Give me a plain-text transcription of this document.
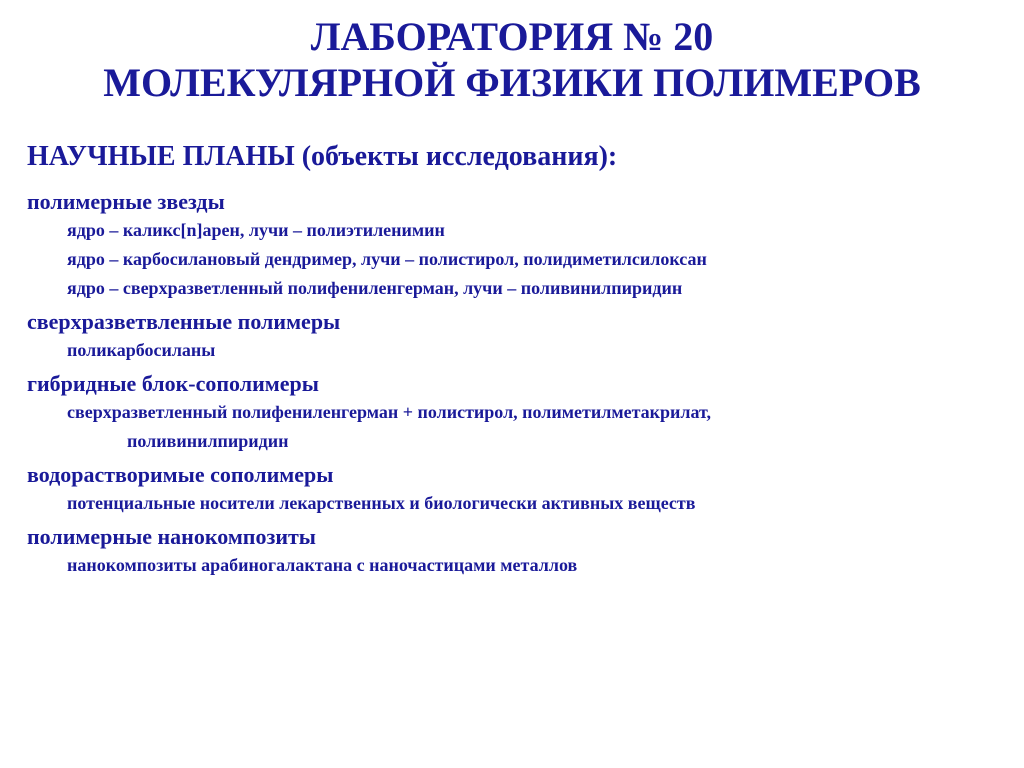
ЛАБОРАТОРИЯ № 20
МОЛЕКУЛЯРНОЙ ФИЗИКИ ПОЛИМЕРОВ
НАУЧНЫЕ ПЛАНЫ (объекты исследования):
полимерные звезды
ядро – каликс[n]арен, лучи – полиэтиленимин
ядро – карбосилановый дендример, лучи – полистирол, полидиметилсилоксан
ядро – сверхразветленный полифениленгерман, лучи – поливинилпиридин
сверхразветвленные полимеры
поликарбосиланы
гибридные блок-сополимеры
сверхразветленный полифениленгерман + полистирол, полиметилметакрилат,
поливинилпиридин
водорастворимые сополимеры
потенциальные носители лекарственных и биологически активных веществ
полимерные нанокомпозиты
нанокомпозиты арабиногалактана с наночастицами металлов
